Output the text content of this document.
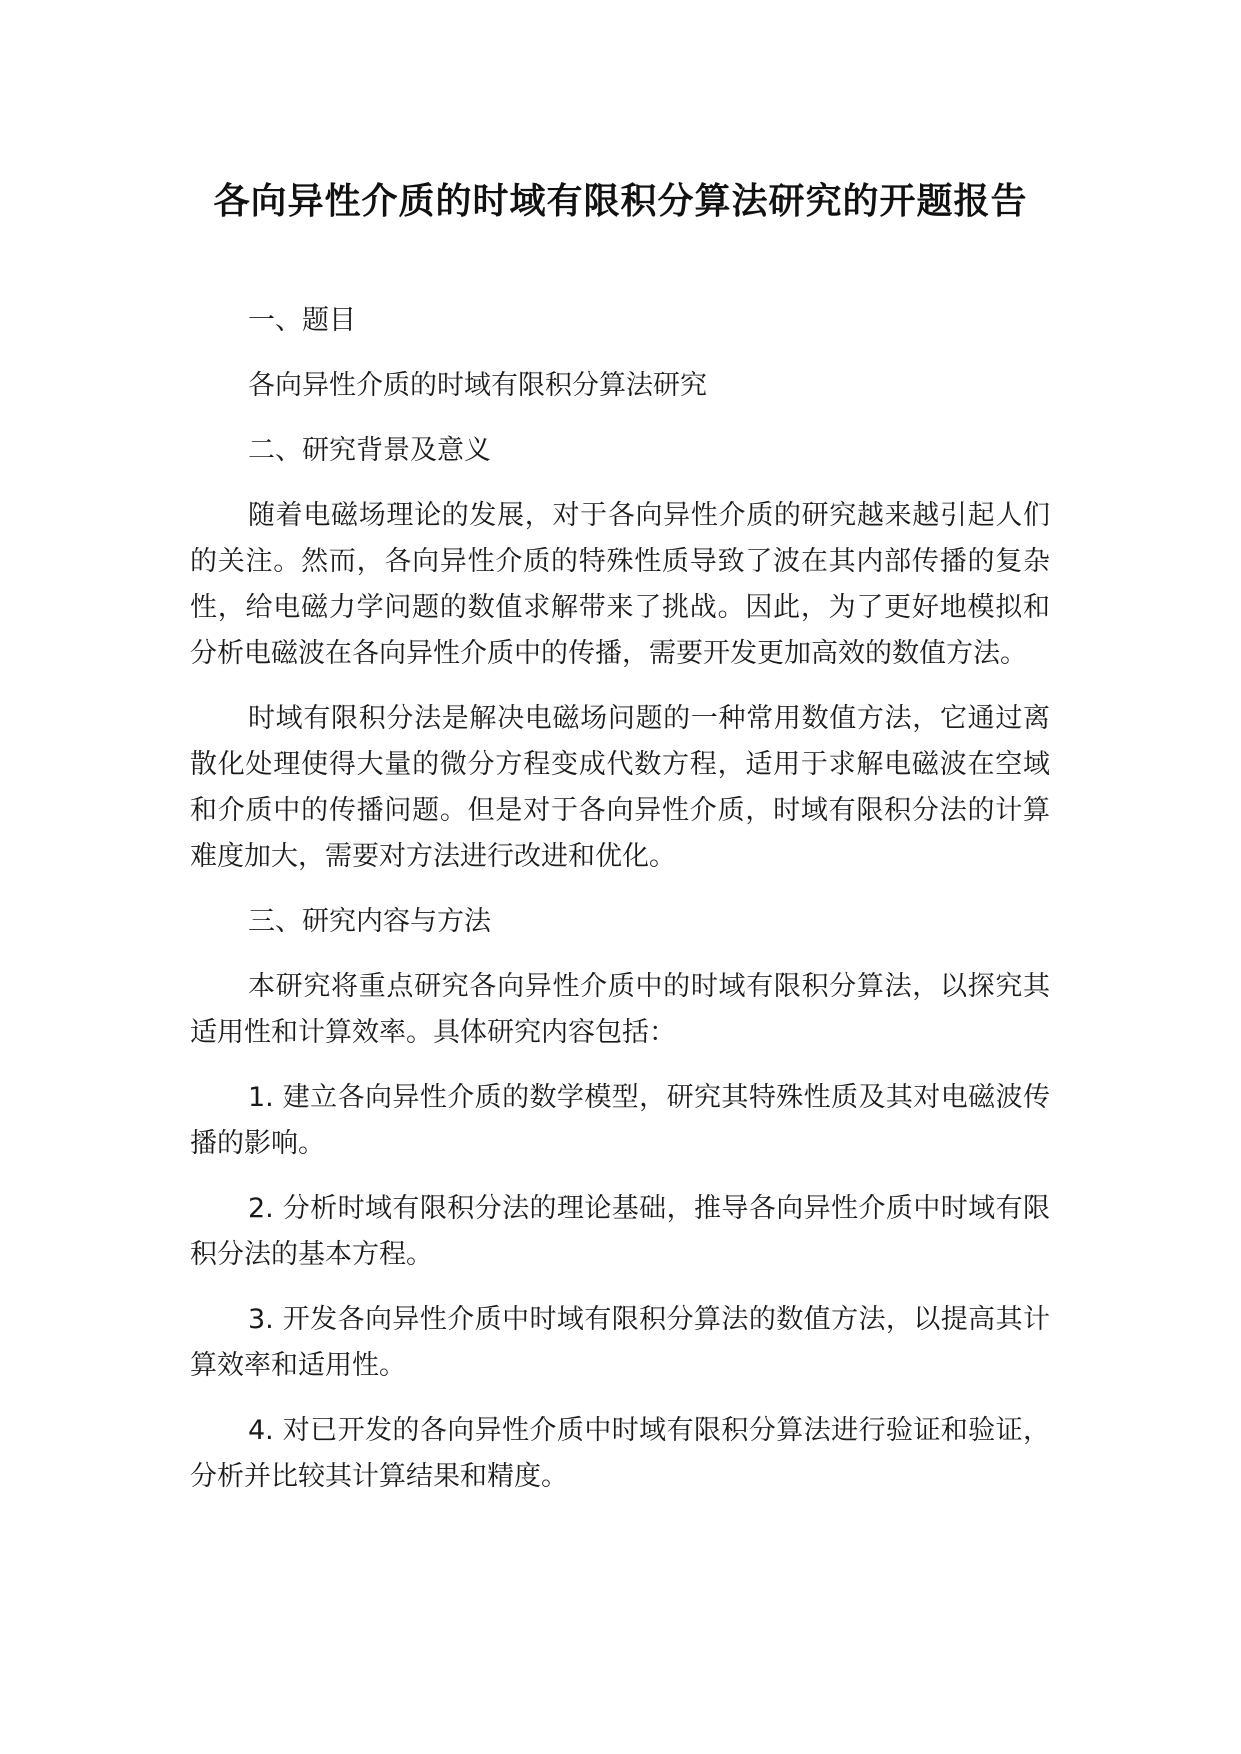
各向异性介质的时域有限积分算法研究的开题报告

一、题目

各向异性介质的时域有限积分算法研究

二、研究背景及意义

随着电磁场理论的发展，对于各向异性介质的研究越来越引起人们的关注。然而，各向异性介质的特殊性质导致了波在其内部传播的复杂性，给电磁力学问题的数值求解带来了挑战。因此，为了更好地模拟和分析电磁波在各向异性介质中的传播，需要开发更加高效的数值方法。

时域有限积分法是解决电磁场问题的一种常用数值方法，它通过离散化处理使得大量的微分方程变成代数方程，适用于求解电磁波在空域和介质中的传播问题。但是对于各向异性介质，时域有限积分法的计算难度加大，需要对方法进行改进和优化。

三、研究内容与方法

本研究将重点研究各向异性介质中的时域有限积分算法，以探究其适用性和计算效率。具体研究内容包括：

1. 建立各向异性介质的数学模型，研究其特殊性质及其对电磁波传播的影响。

2. 分析时域有限积分法的理论基础，推导各向异性介质中时域有限积分法的基本方程。

3. 开发各向异性介质中时域有限积分算法的数值方法，以提高其计算效率和适用性。

4. 对已开发的各向异性介质中时域有限积分算法进行验证和验证，分析并比较其计算结果和精度。
